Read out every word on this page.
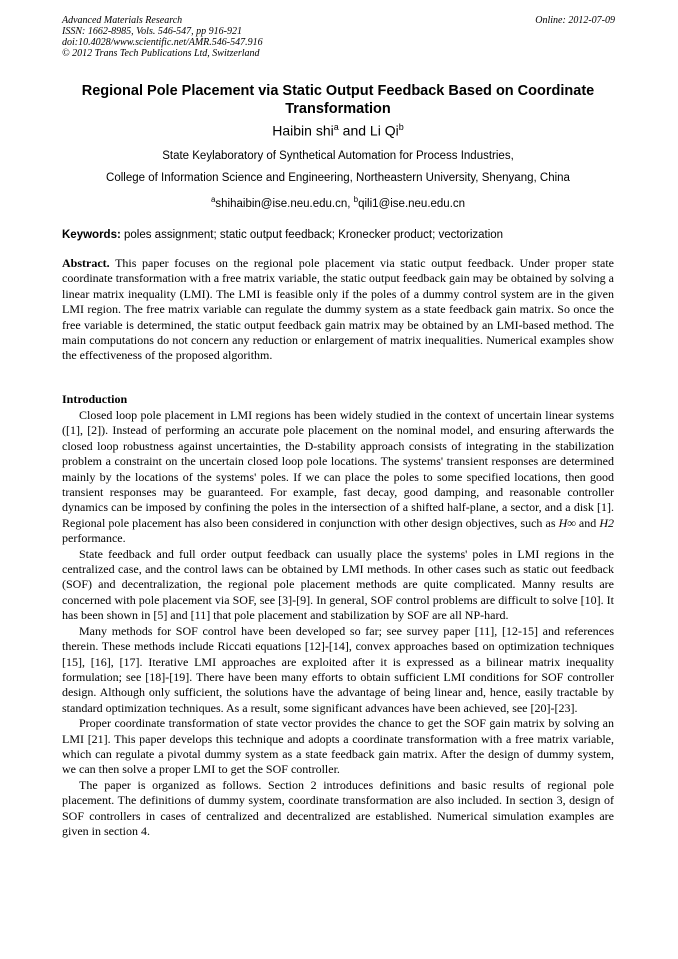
Advanced Materials Research
ISSN: 1662-8985, Vols. 546-547, pp 916-921
doi:10.4028/www.scientific.net/AMR.546-547.916
© 2012 Trans Tech Publications Ltd, Switzerland
Online: 2012-07-09
Regional Pole Placement via Static Output Feedback Based on Coordinate Transformation
Haibin shi$^a$ and Li Qi$^b$
State Keylaboratory of Synthetical Automation for Process Industries,
College of Information Science and Engineering, Northeastern University, Shenyang, China
$^a$shihaibin@ise.neu.edu.cn, $^b$qili1@ise.neu.edu.cn
Keywords: poles assignment; static output feedback; Kronecker product; vectorization

Abstract. This paper focuses on the regional pole placement via static output feedback. Under proper state coordinate transformation with a free matrix variable, the static output feedback gain may be obtained by solving a linear matrix inequality (LMI). The LMI is feasible only if the poles of a dummy control system are in the given LMI region. The free matrix variable can regulate the dummy system as a state feedback gain matrix. So once the free variable is determined, the static output feedback gain matrix may be obtained by an LMI-based method. The main computations do not concern any reduction or enlargement of matrix inequalities. Numerical examples show the effectiveness of the proposed algorithm.

Introduction

Closed loop pole placement in LMI regions has been widely studied in the context of uncertain linear systems ([1], [2]). Instead of performing an accurate pole placement on the nominal model, and ensuring afterwards the closed loop robustness against uncertainties, the D-stability approach consists of integrating in the stabilization problem a constraint on the uncertain closed loop pole locations. The systems' transient responses are determined mainly by the locations of the systems' poles. If we can place the poles to some specified locations, then good transient responses may be guaranteed. For example, fast decay, good damping, and reasonable controller dynamics can be imposed by confining the poles in the intersection of a shifted half-plane, a sector, and a disk [1]. Regional pole placement has also been considered in conjunction with other design objectives, such as H∞ and H2 performance.

State feedback and full order output feedback can usually place the systems' poles in LMI regions in the centralized case, and the control laws can be obtained by LMI methods. In other cases such as static out feedback (SOF) and decentralization, the regional pole placement methods are quite complicated. Manny results are concerned with pole placement via SOF, see [3]-[9]. In general, SOF control problems are difficult to solve [10]. It has been shown in [5] and [11] that pole placement and stabilization by SOF are all NP-hard.

Many methods for SOF control have been developed so far; see survey paper [11], [12-15] and references therein. These methods include Riccati equations [12]-[14], convex approaches based on optimization techniques [15], [16], [17]. Iterative LMI approaches are exploited after it is expressed as a bilinear matrix inequality formulation; see [18]-[19]. There have been many efforts to obtain sufficient LMI conditions for SOF controller design. Although only sufficient, the solutions have the advantage of being linear and, hence, easily tractable by standard optimization techniques. As a result, some significant advances have been achieved, see [20]-[23].

Proper coordinate transformation of state vector provides the chance to get the SOF gain matrix by solving an LMI [21]. This paper develops this technique and adopts a coordinate transformation with a free matrix variable, which can regulate a pivotal dummy system as a state feedback gain matrix. After the design of dummy system, we can then solve a proper LMI to get the SOF controller.

The paper is organized as follows. Section 2 introduces definitions and basic results of regional pole placement. The definitions of dummy system, coordinate transformation are also included. In section 3, design of SOF controllers in cases of centralized and decentralized are established. Numerical simulation examples are given in section 4.
